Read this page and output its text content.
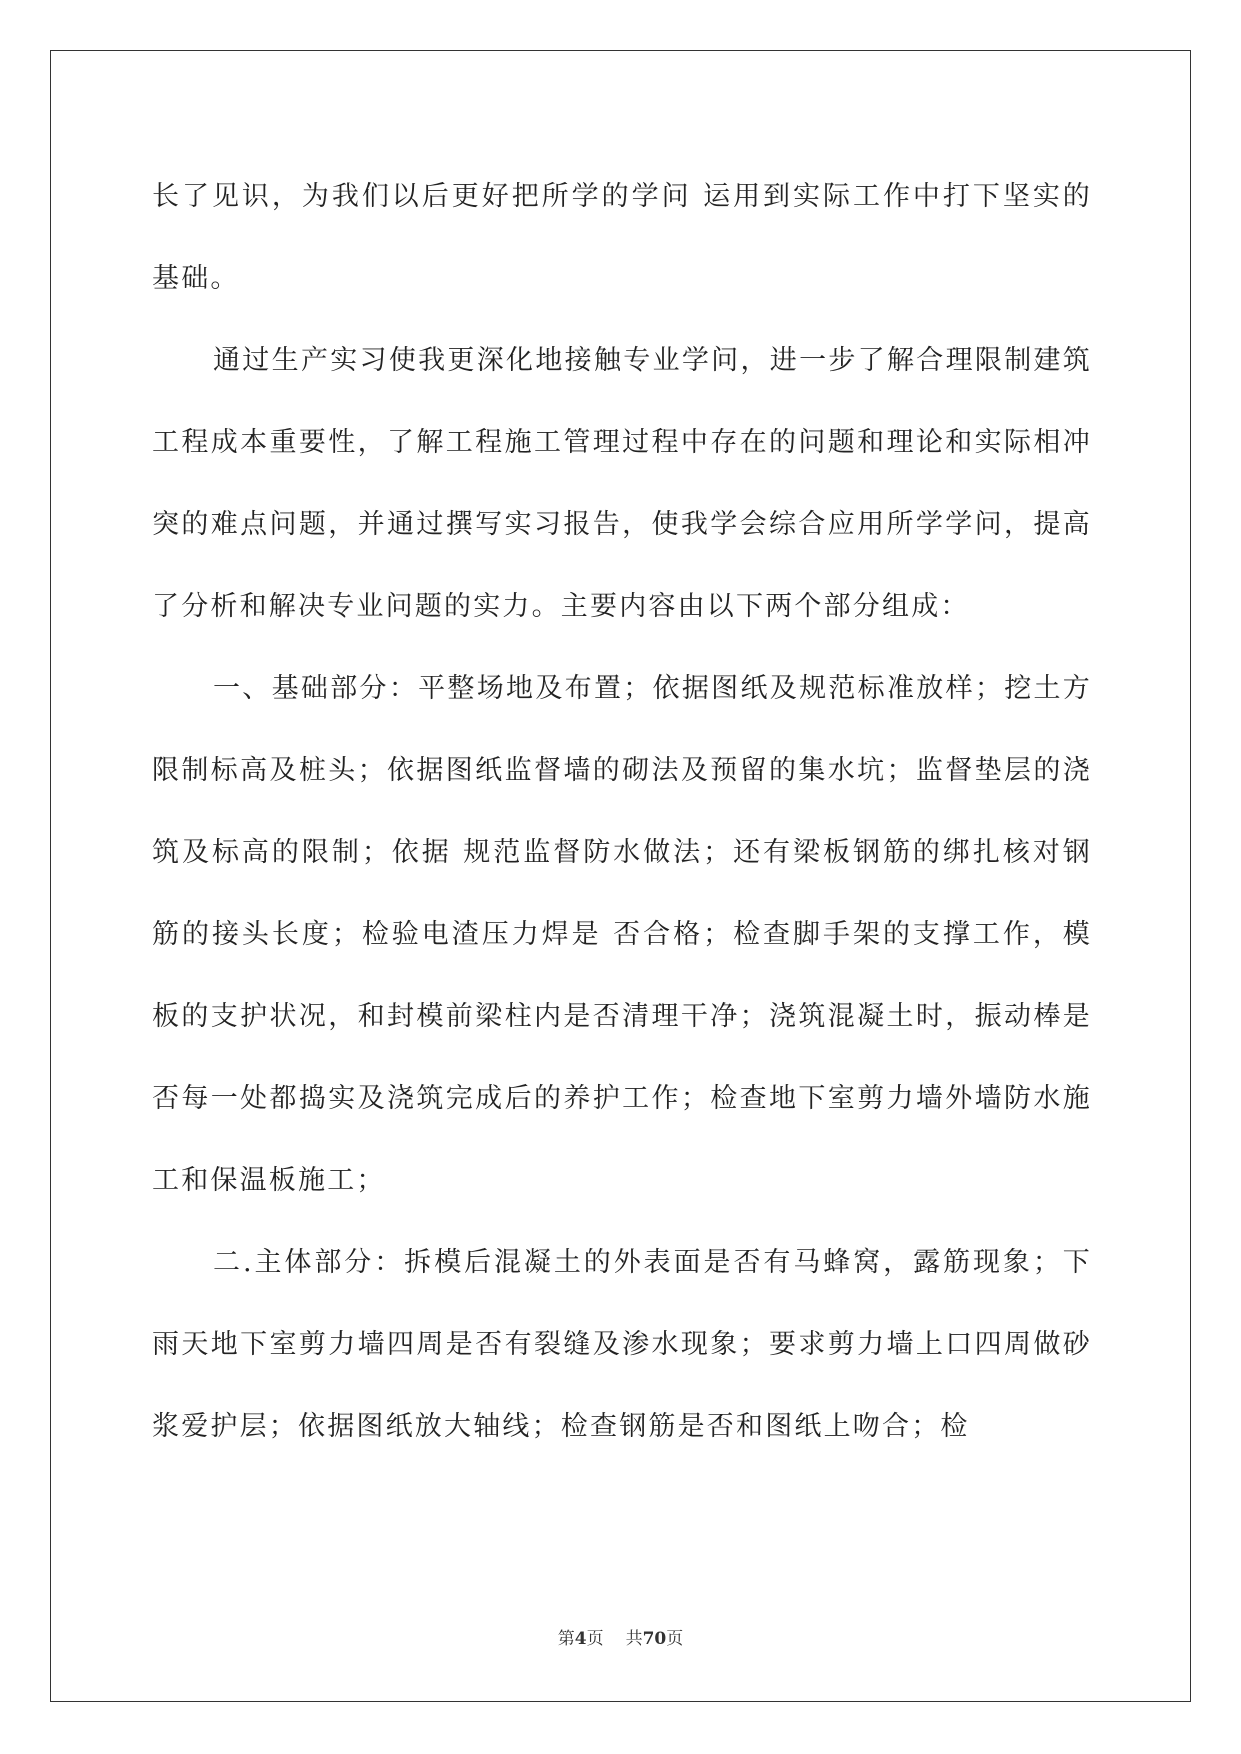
长了见识，为我们以后更好把所学的学问 运用到实际工作中打下坚实的基础。

通过生产实习使我更深化地接触专业学问，进一步了解合理限制建筑工程成本重要性，了解工程施工管理过程中存在的问题和理论和实际相冲突的难点问题，并通过撰写实习报告，使我学会综合应用所学学问，提高了分析和解决专业问题的实力。主要内容由以下两个部分组成：

一、基础部分：平整场地及布置；依据图纸及规范标准放样；挖土方限制标高及桩头；依据图纸监督墙的砌法及预留的集水坑；监督垫层的浇筑及标高的限制；依据 规范监督防水做法；还有梁板钢筋的绑扎核对钢筋的接头长度；检验电渣压力焊是 否合格；检查脚手架的支撑工作，模板的支护状况，和封模前梁柱内是否清理干净；浇筑混凝土时，振动棒是否每一处都捣实及浇筑完成后的养护工作；检查地下室剪力墙外墙防水施工和保温板施工；

二.主体部分：拆模后混凝土的外表面是否有马蜂窝，露筋现象；下雨天地下室剪力墙四周是否有裂缝及渗水现象；要求剪力墙上口四周做砂浆爱护层；依据图纸放大轴线；检查钢筋是否和图纸上吻合；检

第4页 共70页
